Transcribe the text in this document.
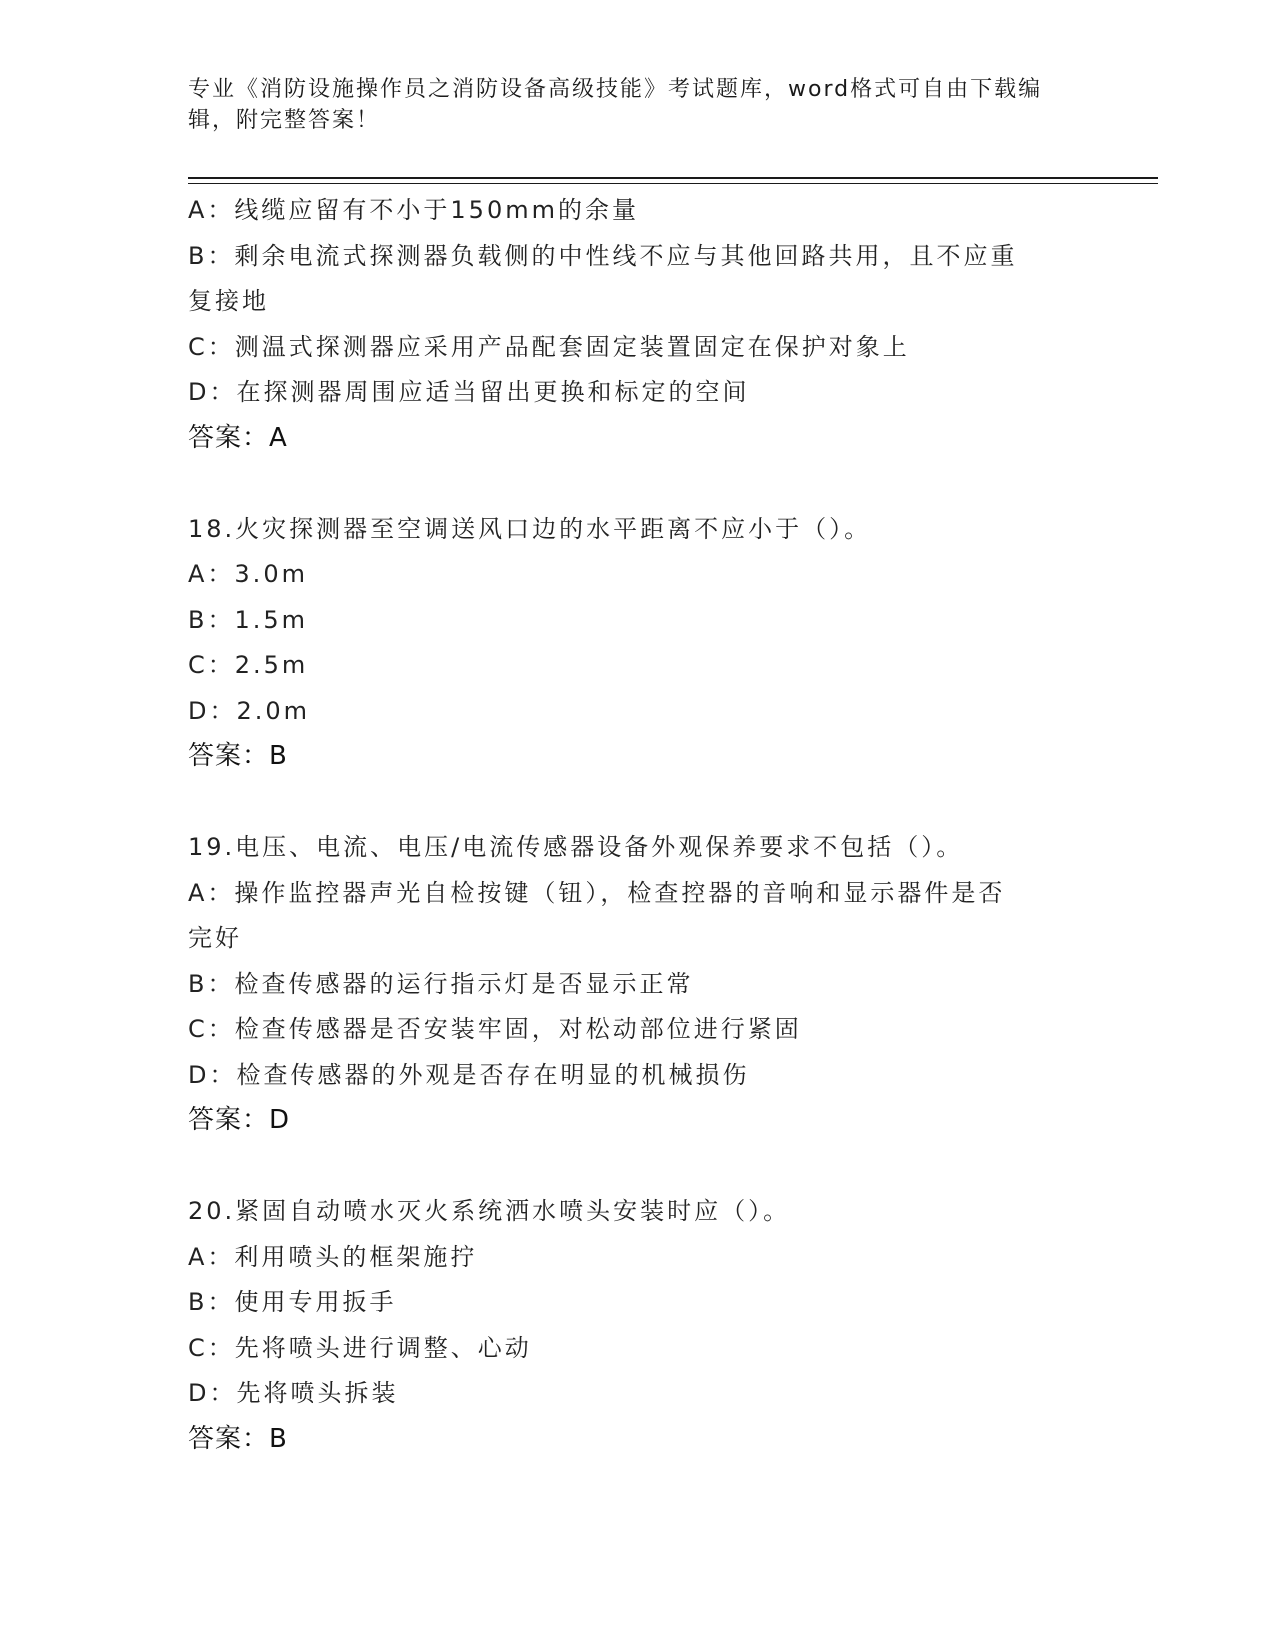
专业《消防设施操作员之消防设备高级技能》考试题库，word格式可自由下载编
辑，附完整答案！
A：线缆应留有不小于150mm的余量
B：剩余电流式探测器负载侧的中性线不应与其他回路共用，且不应重
复接地
C：测温式探测器应采用产品配套固定装置固定在保护对象上
D：在探测器周围应适当留出更换和标定的空间
答案：A
18.火灾探测器至空调送风口边的水平距离不应小于（）。
A：3.0m
B：1.5m
C：2.5m
D：2.0m
答案：B
19.电压、电流、电压/电流传感器设备外观保养要求不包括（）。
A：操作监控器声光自检按键（钮），检查控器的音响和显示器件是否
完好
B：检查传感器的运行指示灯是否显示正常
C：检查传感器是否安装牢固，对松动部位进行紧固
D：检查传感器的外观是否存在明显的机械损伤
答案：D
20.紧固自动喷水灭火系统洒水喷头安装时应（）。
A：利用喷头的框架施拧
B：使用专用扳手
C：先将喷头进行调整、心动
D：先将喷头拆装
答案：B
